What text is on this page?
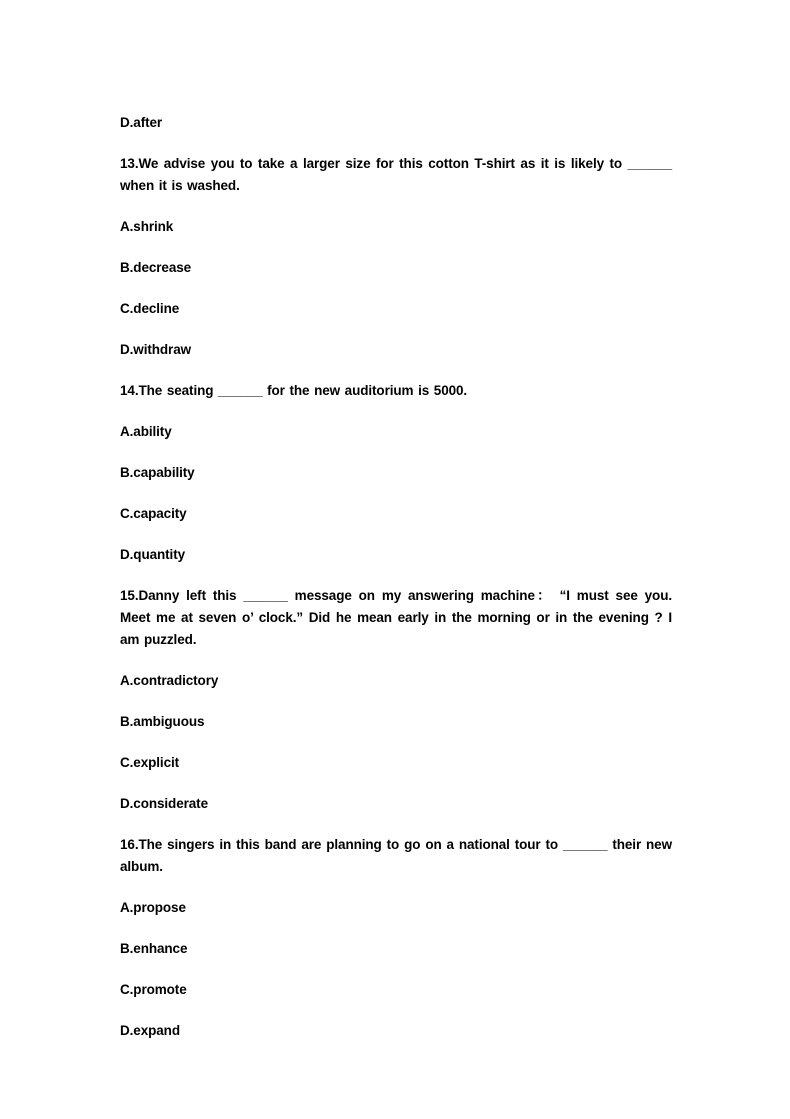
D.after

13.We advise you to take a larger size for this cotton T-shirt as it is likely to ______ when it is washed.

A.shrink

B.decrease

C.decline

D.withdraw

14.The seating ______ for the new auditorium is 5000.

A.ability

B.capability

C.capacity

D.quantity

15.Danny left this ______ message on my answering machine： “I must see you. Meet me at seven o’ clock.” Did he mean early in the morning or in the evening ? I am puzzled.

A.contradictory

B.ambiguous

C.explicit

D.considerate

16.The singers in this band are planning to go on a national tour to ______ their new album.

A.propose

B.enhance

C.promote

D.expand
